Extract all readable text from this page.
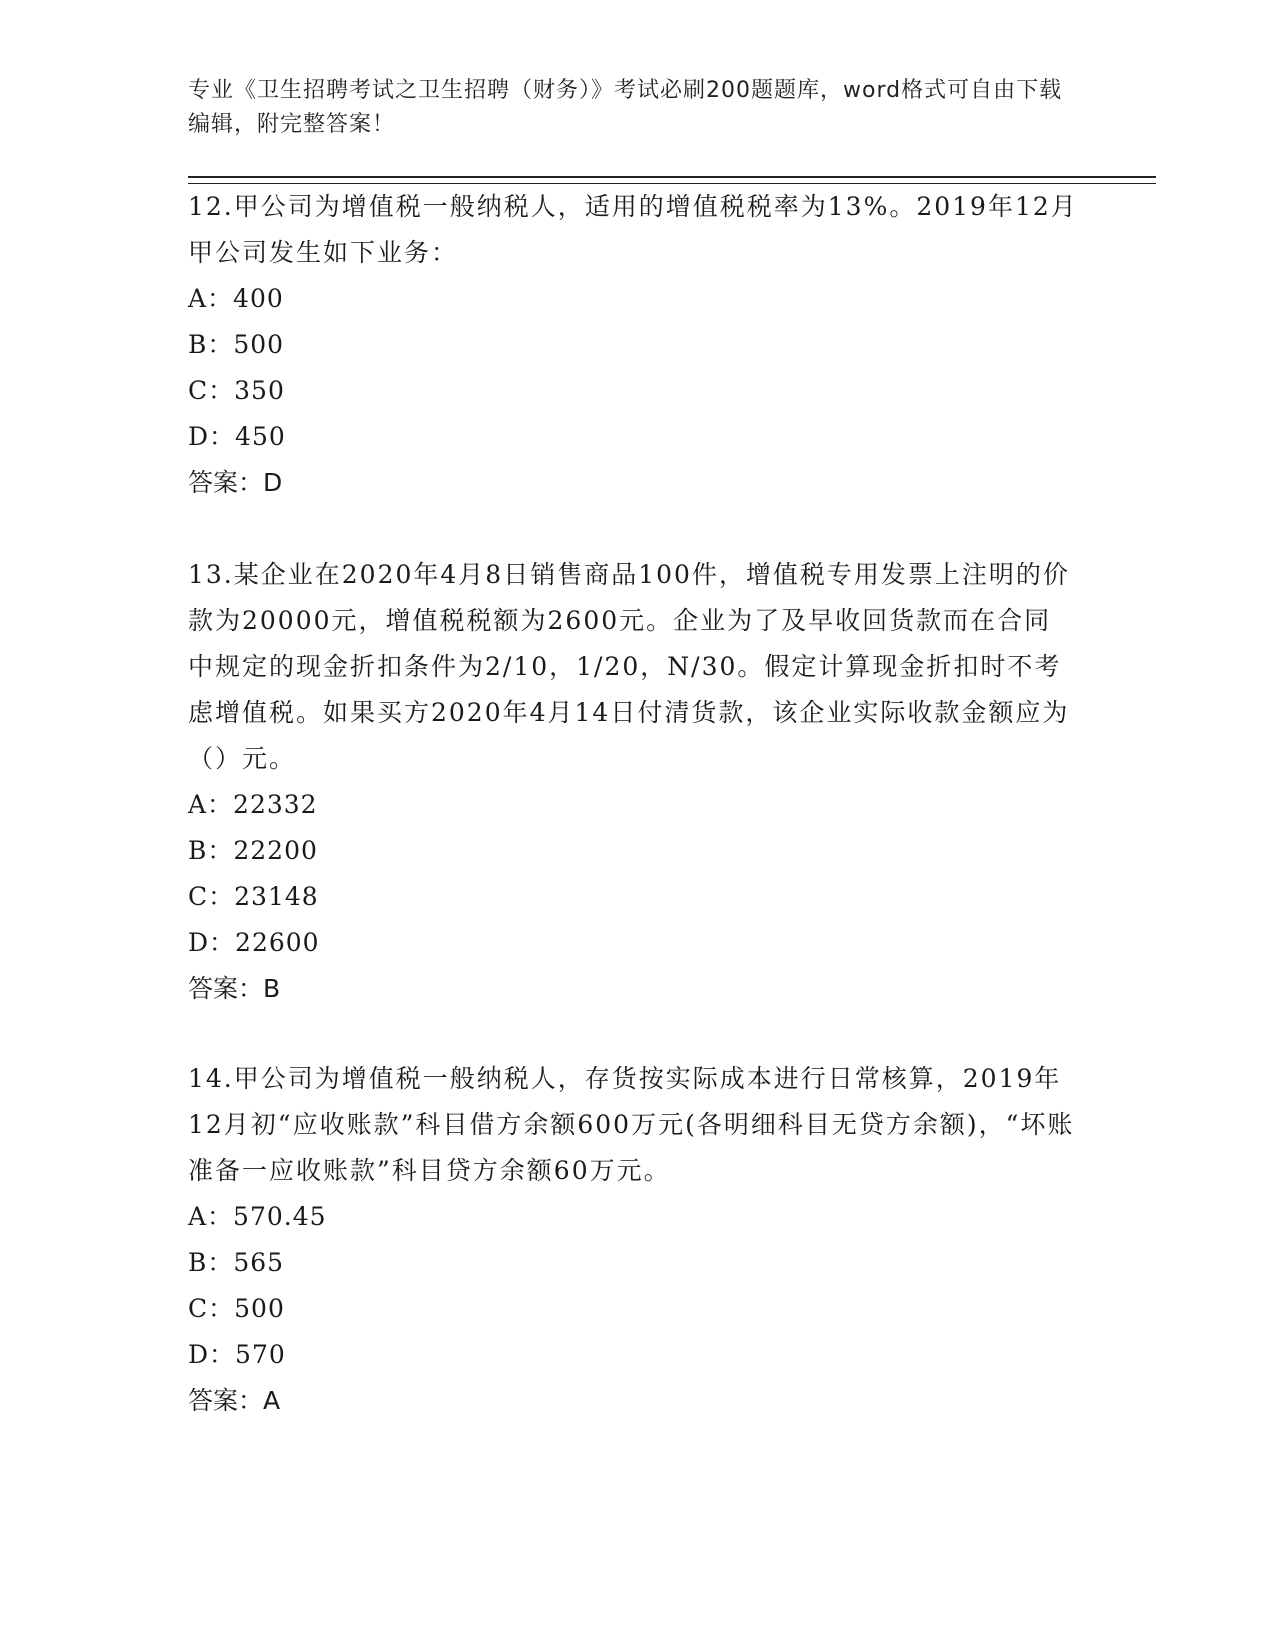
专业《卫生招聘考试之卫生招聘（财务）》考试必刷200题题库，word格式可自由下载编辑，附完整答案！

12.甲公司为增值税一般纳税人，适用的增值税税率为13%。2019年12月甲公司发生如下业务：

A：400

B：500

C：350

D：450

答案：D

13.某企业在2020年4月8日销售商品100件，增值税专用发票上注明的价款为20000元，增值税税额为2600元。企业为了及早收回货款而在合同中规定的现金折扣条件为2/10，1/20，N/30。假定计算现金折扣时不考虑增值税。如果买方2020年4月14日付清货款，该企业实际收款金额应为（）元。

A：22332

B：22200

C：23148

D：22600

答案：B

14.甲公司为增值税一般纳税人，存货按实际成本进行日常核算，2019年12月初“应收账款”科目借方余额600万元(各明细科目无贷方余额)，“坏账准备一应收账款”科目贷方余额60万元。

A：570.45

B：565

C：500

D：570

答案：A
